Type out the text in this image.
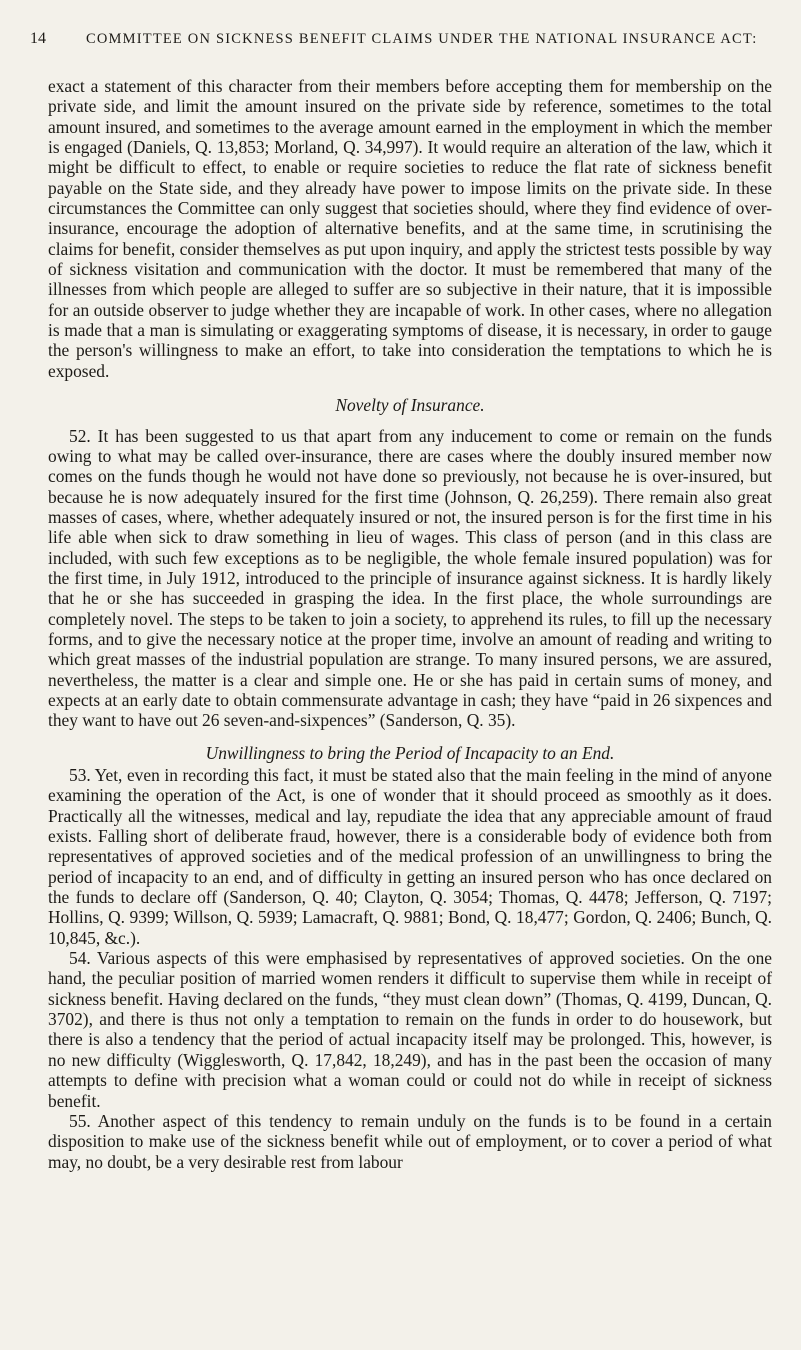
14	COMMITTEE ON SICKNESS BENEFIT CLAIMS UNDER THE NATIONAL INSURANCE ACT:

exact a statement of this character from their members before accepting them for membership on the private side, and limit the amount insured on the private side by reference, sometimes to the total amount insured, and sometimes to the average amount earned in the employment in which the member is engaged (Daniels, Q. 13,853; Morland, Q. 34,997). It would require an alteration of the law, which it might be difficult to effect, to enable or require societies to reduce the flat rate of sickness benefit payable on the State side, and they already have power to impose limits on the private side. In these circumstances the Committee can only suggest that societies should, where they find evidence of over-insurance, encourage the adoption of alternative benefits, and at the same time, in scrutinising the claims for benefit, consider themselves as put upon inquiry, and apply the strictest tests possible by way of sickness visitation and communication with the doctor. It must be remembered that many of the illnesses from which people are alleged to suffer are so subjective in their nature, that it is impossible for an outside observer to judge whether they are incapable of work. In other cases, where no allegation is made that a man is simulating or exaggerating symptoms of disease, it is necessary, in order to gauge the person's willingness to make an effort, to take into consideration the temptations to which he is exposed.

Novelty of Insurance.

52. It has been suggested to us that apart from any inducement to come or remain on the funds owing to what may be called over-insurance, there are cases where the doubly insured member now comes on the funds though he would not have done so previously, not because he is over-insured, but because he is now adequately insured for the first time (Johnson, Q. 26,259). There remain also great masses of cases, where, whether adequately insured or not, the insured person is for the first time in his life able when sick to draw something in lieu of wages. This class of person (and in this class are included, with such few exceptions as to be negligible, the whole female insured population) was for the first time, in July 1912, introduced to the principle of insurance against sickness. It is hardly likely that he or she has succeeded in grasping the idea. In the first place, the whole surroundings are completely novel. The steps to be taken to join a society, to apprehend its rules, to fill up the necessary forms, and to give the necessary notice at the proper time, involve an amount of reading and writing to which great masses of the industrial population are strange. To many insured persons, we are assured, nevertheless, the matter is a clear and simple one. He or she has paid in certain sums of money, and expects at an early date to obtain commensurate advantage in cash; they have “paid in 26 sixpences and they want to have out 26 seven-and-sixpences” (Sanderson, Q. 35).

Unwillingness to bring the Period of Incapacity to an End.

53. Yet, even in recording this fact, it must be stated also that the main feeling in the mind of anyone examining the operation of the Act, is one of wonder that it should proceed as smoothly as it does. Practically all the witnesses, medical and lay, repudiate the idea that any appreciable amount of fraud exists. Falling short of deliberate fraud, however, there is a considerable body of evidence both from representatives of approved societies and of the medical profession of an unwillingness to bring the period of incapacity to an end, and of difficulty in getting an insured person who has once declared on the funds to declare off (Sanderson, Q. 40; Clayton, Q. 3054; Thomas, Q. 4478; Jefferson, Q. 7197; Hollins, Q. 9399; Willson, Q. 5939; Lamacraft, Q. 9881; Bond, Q. 18,477; Gordon, Q. 2406; Bunch, Q. 10,845, &c.).

54. Various aspects of this were emphasised by representatives of approved societies. On the one hand, the peculiar position of married women renders it difficult to supervise them while in receipt of sickness benefit. Having declared on the funds, “they must clean down” (Thomas, Q. 4199, Duncan, Q. 3702), and there is thus not only a temptation to remain on the funds in order to do housework, but there is also a tendency that the period of actual incapacity itself may be prolonged. This, however, is no new difficulty (Wigglesworth, Q. 17,842, 18,249), and has in the past been the occasion of many attempts to define with precision what a woman could or could not do while in receipt of sickness benefit.

55. Another aspect of this tendency to remain unduly on the funds is to be found in a certain disposition to make use of the sickness benefit while out of employment, or to cover a period of what may, no doubt, be a very desirable rest from labour
